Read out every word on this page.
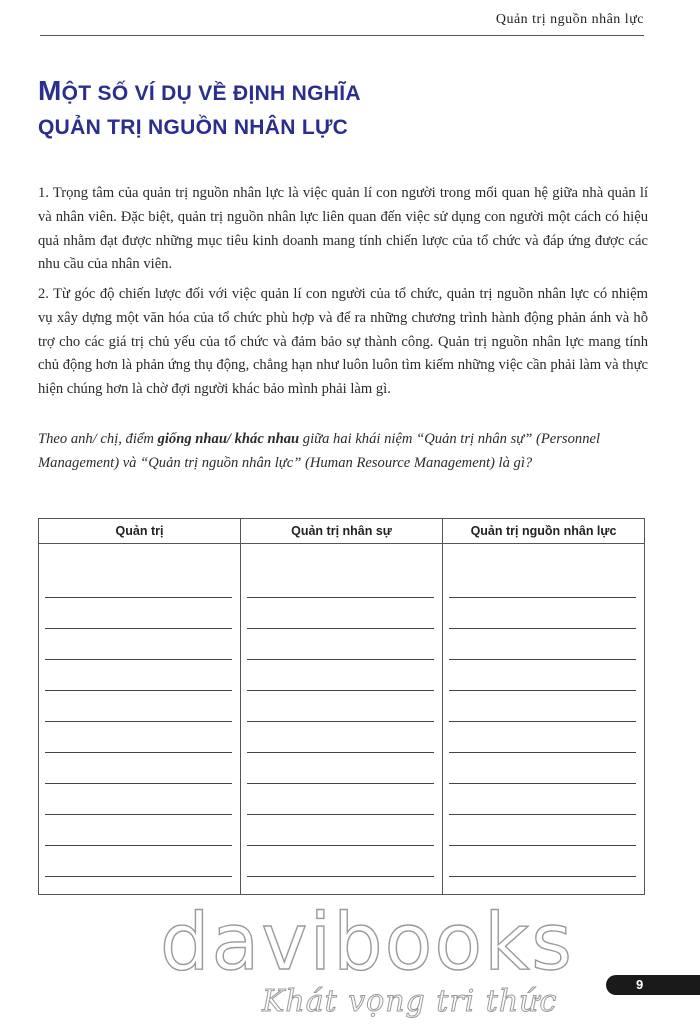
Quản trị nguồn nhân lực
MỘT SỐ VÍ DỤ VỀ ĐỊNH NGHĨA
QUẢN TRỊ NGUỒN NHÂN LỰC
1. Trọng tâm của quản trị nguồn nhân lực là việc quản lí con người trong mối quan hệ giữa nhà quản lí và nhân viên. Đặc biệt, quản trị nguồn nhân lực liên quan đến việc sử dụng con người một cách có hiệu quả nhằm đạt được những mục tiêu kinh doanh mang tính chiến lược của tổ chức và đáp ứng được các nhu cầu của nhân viên.
2. Từ góc độ chiến lược đối với việc quản lí con người của tổ chức, quản trị nguồn nhân lực có nhiệm vụ xây dựng một văn hóa của tổ chức phù hợp và để ra những chương trình hành động phản ánh và hỗ trợ cho các giá trị chủ yếu của tổ chức và đảm bảo sự thành công. Quản trị nguồn nhân lực mang tính chủ động hơn là phản ứng thụ động, chẳng hạn như luôn luôn tìm kiếm những việc cần phải làm và thực hiện chúng hơn là chờ đợi người khác bảo mình phải làm gì.
Theo anh/ chị, điểm giống nhau/ khác nhau giữa hai khái niệm “Quản trị nhân sự” (Personnel Management) và “Quản trị nguồn nhân lực” (Human Resource Management) là gì?
Quản trị	Quản trị nhân sự	Quản trị nguồn nhân lực
davibooks
Khát vọng tri thức	9
